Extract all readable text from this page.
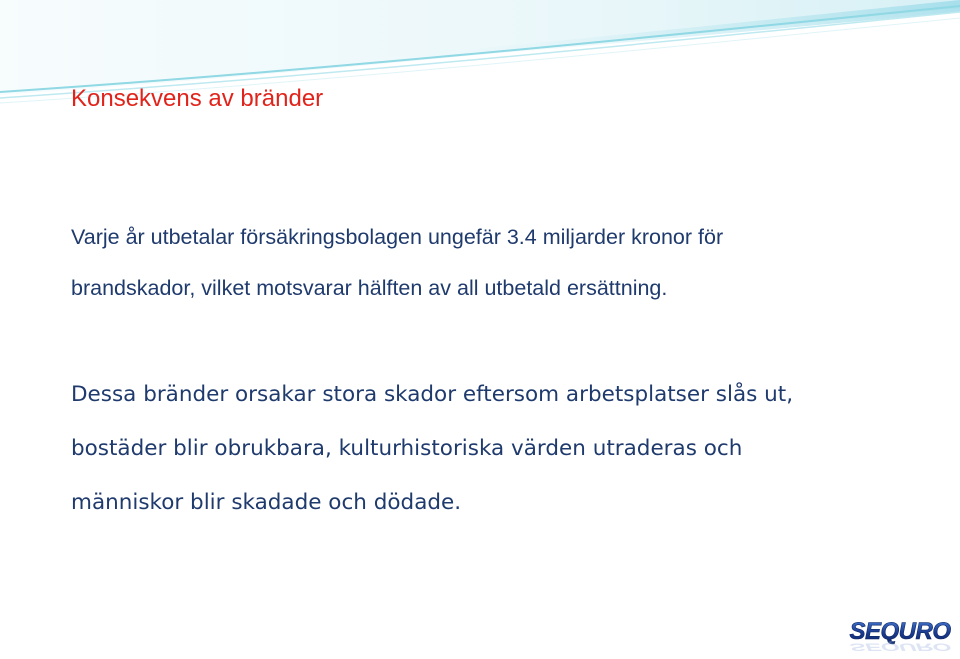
Konsekvens av bränder

Varje år utbetalar försäkringsbolagen ungefär 3.4 miljarder kronor för
brandskador, vilket motsvarar hälften av all utbetald ersättning.

Dessa bränder orsakar stora skador eftersom arbetsplatser slås ut,
bostäder blir obrukbara, kulturhistoriska värden utraderas och
människor blir skadade och dödade.

SEQURO
SEQURO
